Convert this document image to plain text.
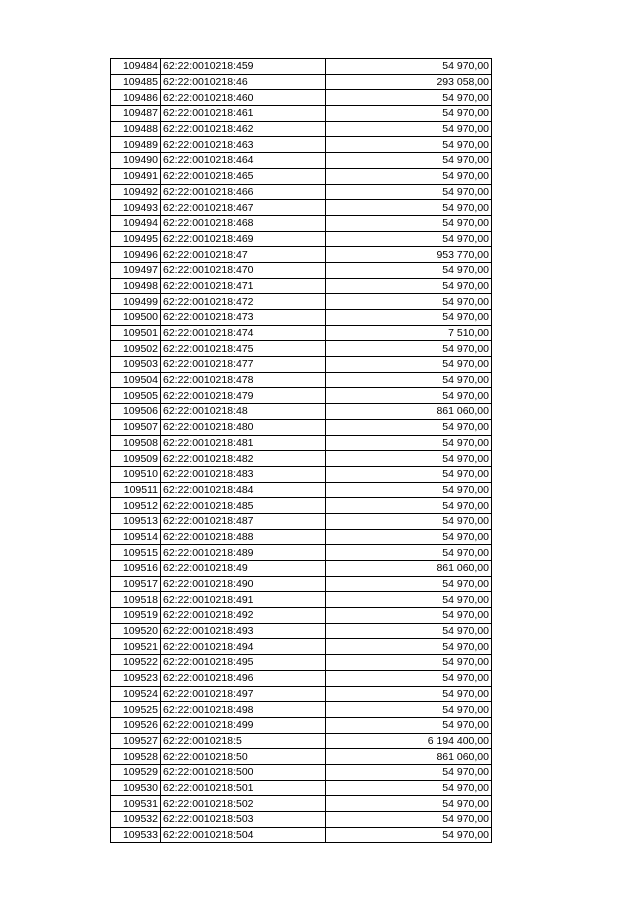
109484	62:22:0010218:459	54 970,00
109485	62:22:0010218:46	293 058,00
109486	62:22:0010218:460	54 970,00
109487	62:22:0010218:461	54 970,00
109488	62:22:0010218:462	54 970,00
109489	62:22:0010218:463	54 970,00
109490	62:22:0010218:464	54 970,00
109491	62:22:0010218:465	54 970,00
109492	62:22:0010218:466	54 970,00
109493	62:22:0010218:467	54 970,00
109494	62:22:0010218:468	54 970,00
109495	62:22:0010218:469	54 970,00
109496	62:22:0010218:47	953 770,00
109497	62:22:0010218:470	54 970,00
109498	62:22:0010218:471	54 970,00
109499	62:22:0010218:472	54 970,00
109500	62:22:0010218:473	54 970,00
109501	62:22:0010218:474	7 510,00
109502	62:22:0010218:475	54 970,00
109503	62:22:0010218:477	54 970,00
109504	62:22:0010218:478	54 970,00
109505	62:22:0010218:479	54 970,00
109506	62:22:0010218:48	861 060,00
109507	62:22:0010218:480	54 970,00
109508	62:22:0010218:481	54 970,00
109509	62:22:0010218:482	54 970,00
109510	62:22:0010218:483	54 970,00
109511	62:22:0010218:484	54 970,00
109512	62:22:0010218:485	54 970,00
109513	62:22:0010218:487	54 970,00
109514	62:22:0010218:488	54 970,00
109515	62:22:0010218:489	54 970,00
109516	62:22:0010218:49	861 060,00
109517	62:22:0010218:490	54 970,00
109518	62:22:0010218:491	54 970,00
109519	62:22:0010218:492	54 970,00
109520	62:22:0010218:493	54 970,00
109521	62:22:0010218:494	54 970,00
109522	62:22:0010218:495	54 970,00
109523	62:22:0010218:496	54 970,00
109524	62:22:0010218:497	54 970,00
109525	62:22:0010218:498	54 970,00
109526	62:22:0010218:499	54 970,00
109527	62:22:0010218:5	6 194 400,00
109528	62:22:0010218:50	861 060,00
109529	62:22:0010218:500	54 970,00
109530	62:22:0010218:501	54 970,00
109531	62:22:0010218:502	54 970,00
109532	62:22:0010218:503	54 970,00
109533	62:22:0010218:504	54 970,00
